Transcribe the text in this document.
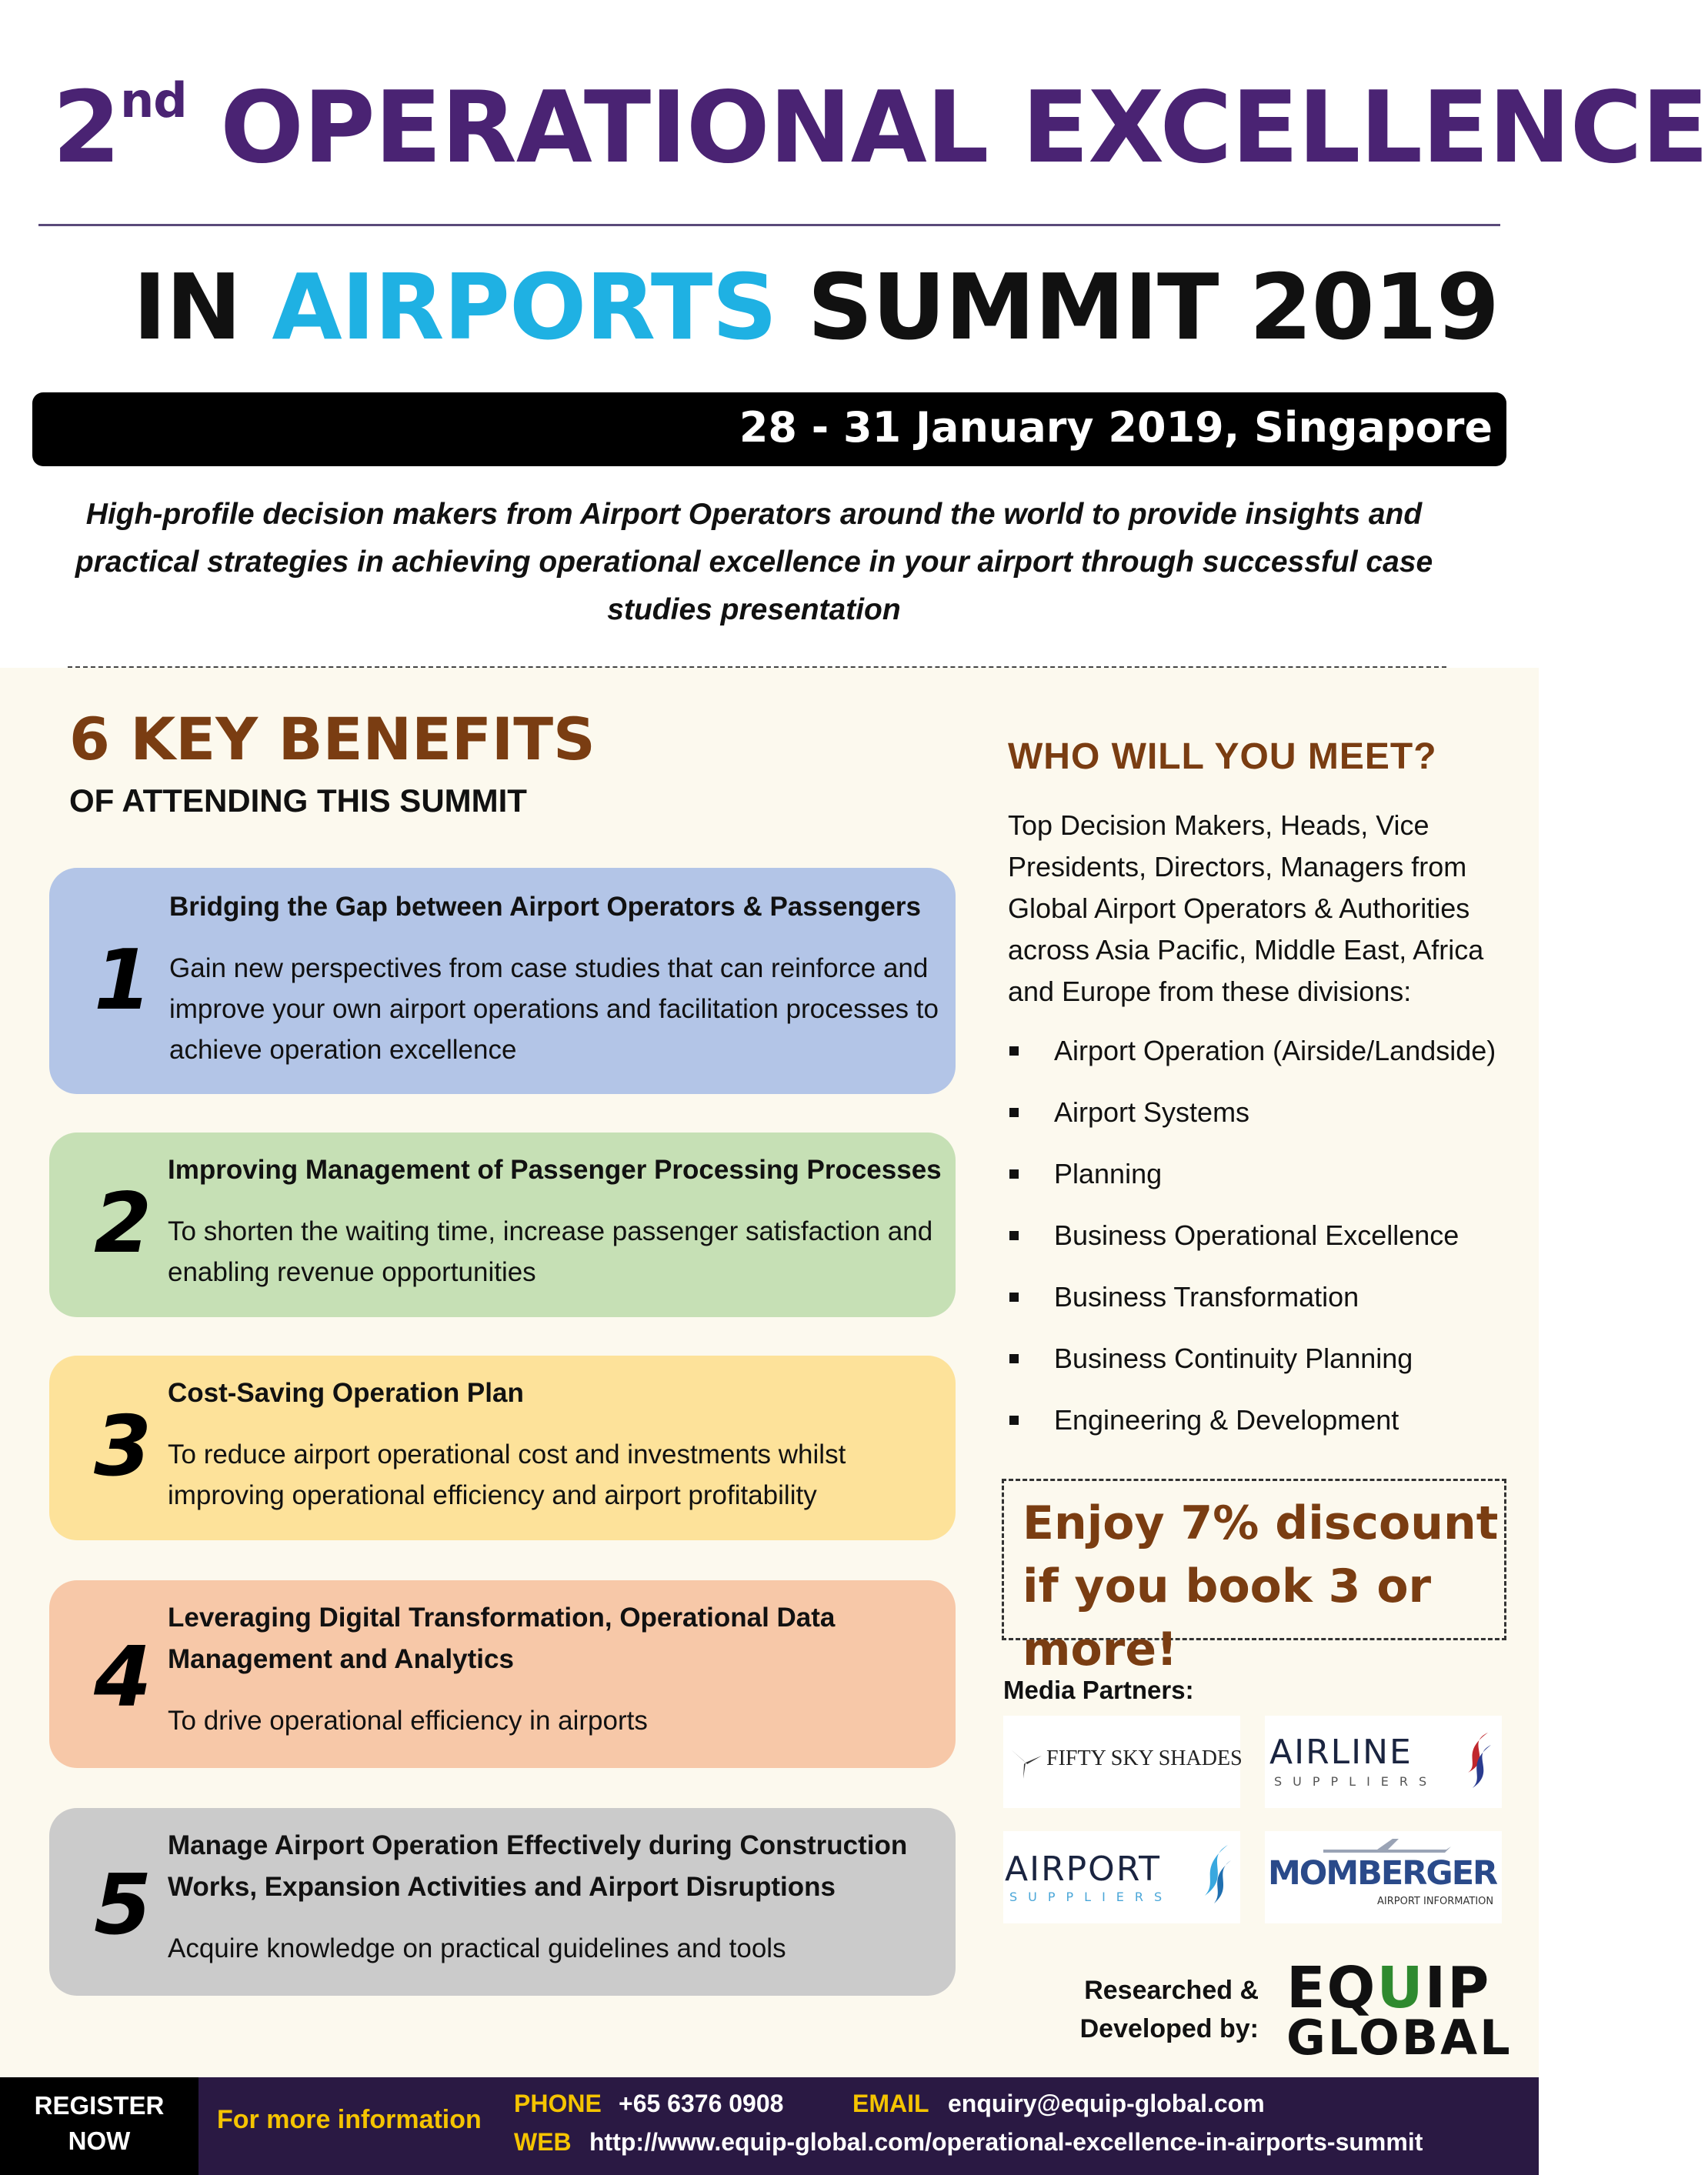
2nd OPERATIONAL EXCELLENCE
IN AIRPORTS SUMMIT 2019
28 - 31 January 2019, Singapore
High-profile decision makers from Airport Operators around the world to provide insights and practical strategies in achieving operational excellence in your airport through successful case studies presentation
6 KEY BENEFITS
OF ATTENDING THIS SUMMIT
1
Bridging the Gap between Airport Operators & Passengers
Gain new perspectives from case studies that can reinforce and improve your own airport operations and facilitation processes to achieve operation excellence
2
Improving Management of Passenger Processing Processes
To shorten the waiting time, increase passenger satisfaction and enabling revenue opportunities
3
Cost-Saving Operation Plan
To reduce airport operational cost and investments whilst improving operational efficiency and airport profitability
4
Leveraging Digital Transformation, Operational Data Management and Analytics
To drive operational efficiency in airports
5
Manage Airport Operation Effectively during Construction Works, Expansion Activities and Airport Disruptions
Acquire knowledge on practical guidelines and tools
WHO WILL YOU MEET?
Top Decision Makers, Heads, Vice Presidents, Directors, Managers from Global Airport Operators & Authorities across Asia Pacific, Middle East, Africa and Europe from these divisions:
Airport Operation (Airside/Landside)
Airport Systems
Planning
Business Operational Excellence
Business Transformation
Business Continuity Planning
Engineering & Development
Enjoy 7% discount if you book 3 or more!
Media Partners:
FIFTY SKY SHADES AIRLINE
SUPPLIERS
AIRPORT
SUPPLIERS
MOMBERGER
AIRPORT INFORMATION
Researched &
Developed by:
EQUIP
GLOBAL
REGISTER
NOW
For more information
PHONE +65 6376 0908	EMAIL enquiry@equip-global.com
WEB http://www.equip-global.com/operational-excellence-in-airports-summit
